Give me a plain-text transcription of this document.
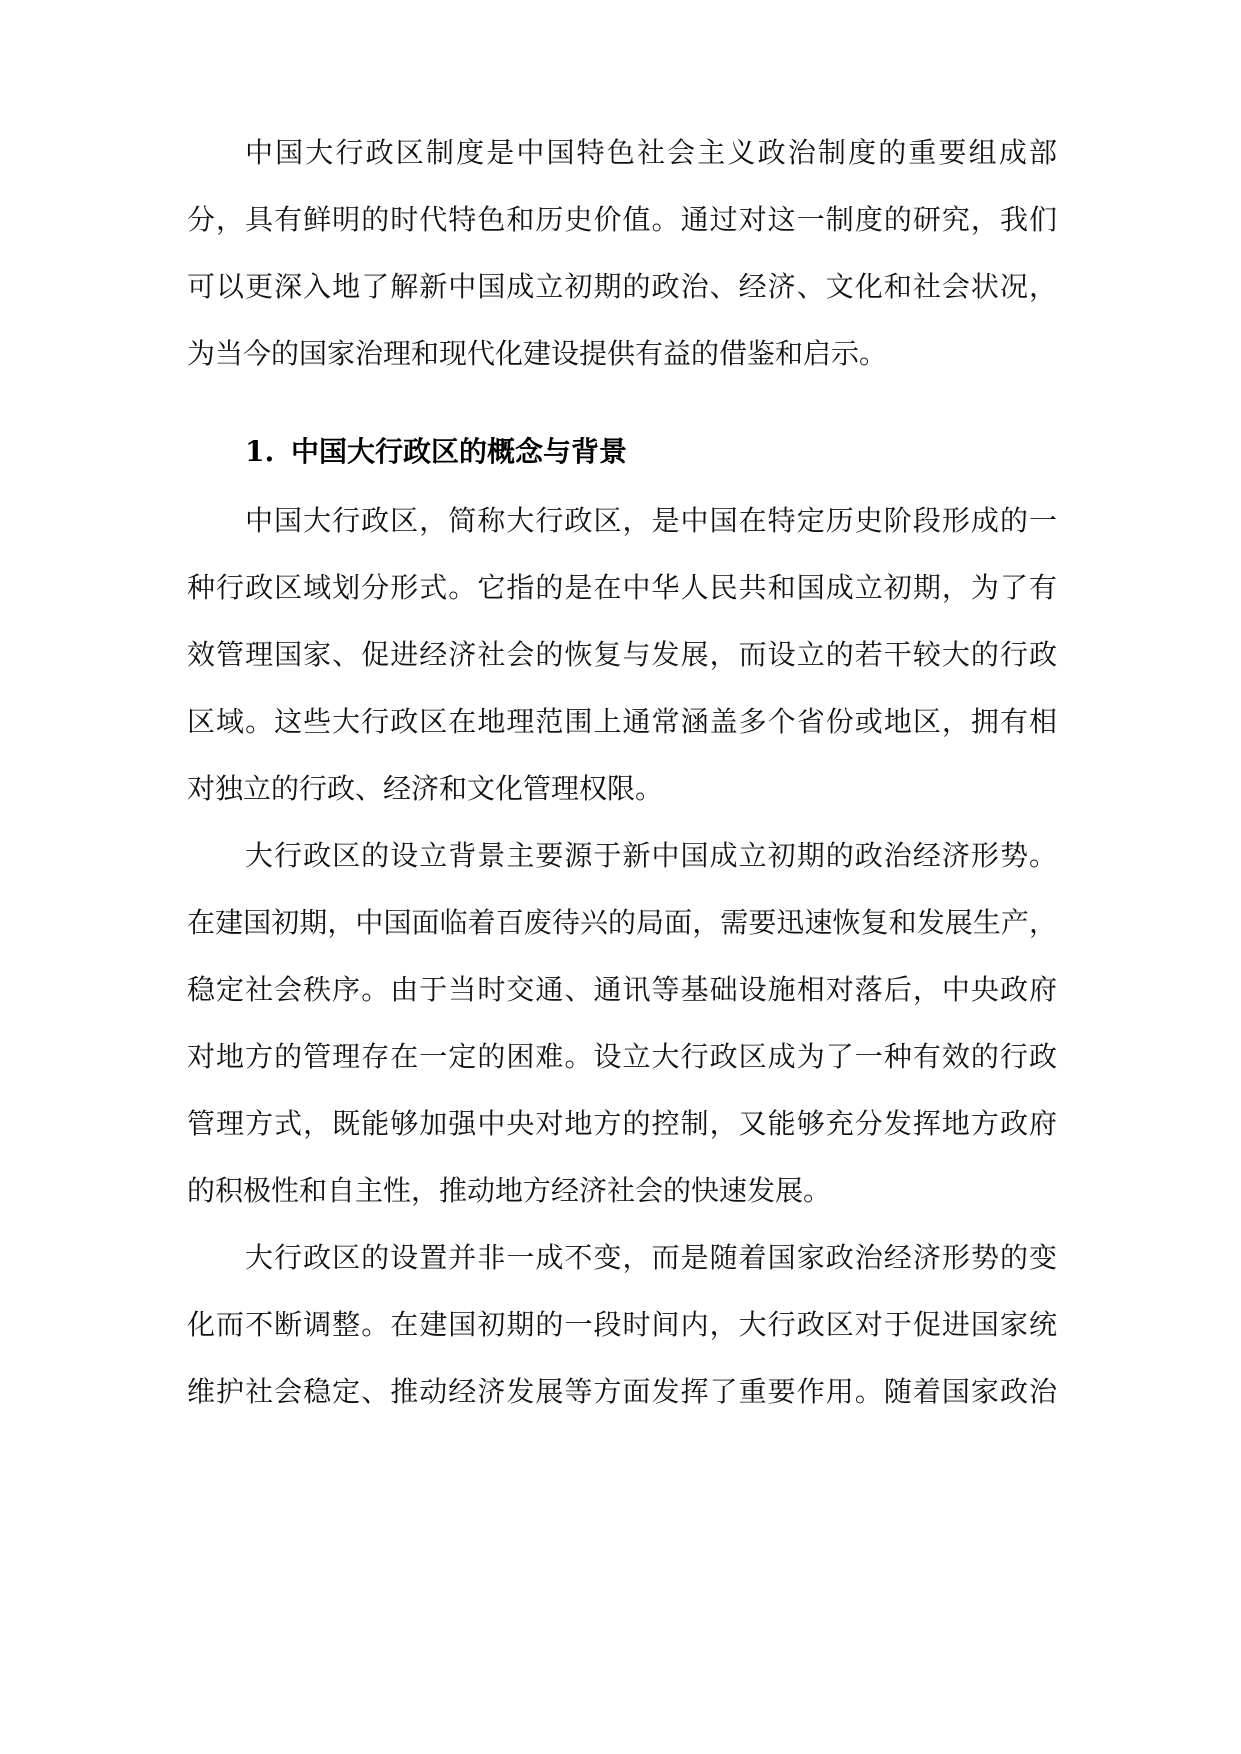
中国大行政区制度是中国特色社会主义政治制度的重要组成部
分，具有鲜明的时代特色和历史价值。通过对这一制度的研究，我们
可以更深入地了解新中国成立初期的政治、经济、文化和社会状况，
为当今的国家治理和现代化建设提供有益的借鉴和启示。
1. 中国大行政区的概念与背景
中国大行政区，简称大行政区，是中国在特定历史阶段形成的一
种行政区域划分形式。它指的是在中华人民共和国成立初期，为了有
效管理国家、促进经济社会的恢复与发展，而设立的若干较大的行政
区域。这些大行政区在地理范围上通常涵盖多个省份或地区，拥有相
对独立的行政、经济和文化管理权限。
大行政区的设立背景主要源于新中国成立初期的政治经济形势。
在建国初期，中国面临着百废待兴的局面，需要迅速恢复和发展生产，
稳定社会秩序。由于当时交通、通讯等基础设施相对落后，中央政府
对地方的管理存在一定的困难。设立大行政区成为了一种有效的行政
管理方式，既能够加强中央对地方的控制，又能够充分发挥地方政府
的积极性和自主性，推动地方经济社会的快速发展。
大行政区的设置并非一成不变，而是随着国家政治经济形势的变
化而不断调整。在建国初期的一段时间内，大行政区对于促进国家统
维护社会稳定、推动经济发展等方面发挥了重要作用。随着国家政治
